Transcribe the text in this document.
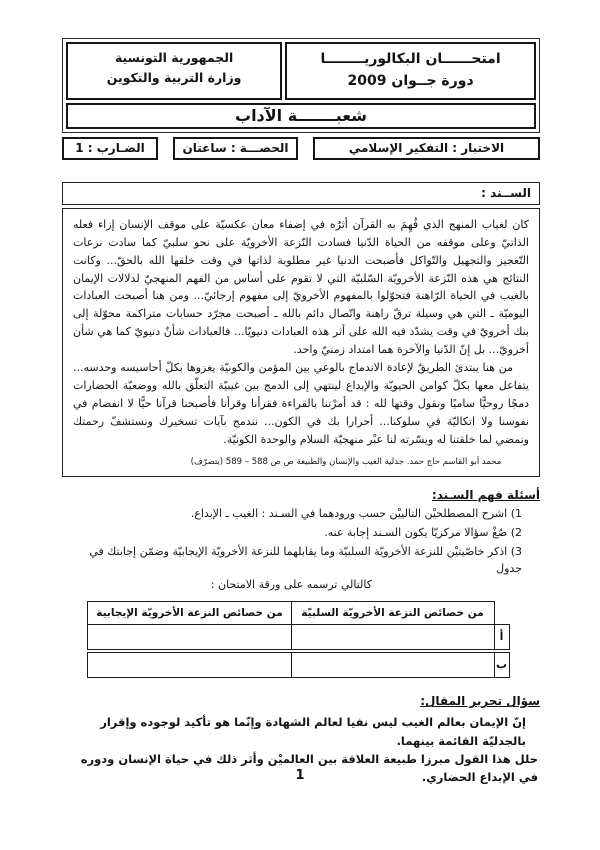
امتحــــــان البكالوريــــــــا
دورة جــوان 2009
الجمهورية التونسية
وزارة التربية والتكوين
شعبـــــــة الآداب
الاختبار : التفكير الإسلامي
الحصـــة : ساعتان
الضـارب : 1
الســند :

كان لغياب المنهج الذي فُهِمَ به القرآن أثرُه في إضفاء معان عكسيّة على موقف الإنسان إزاء فعله الذاتيّ وعلى موقفه من الحياة الدّنيا فسادت النّزعة الأخرويّة على نحو سلبيّ كما سادت نزعات التّعجيز والتجهيل والتّواكل فأصبحت الدنيا غير مطلوبة لذاتها في وقت خلقها الله بالحقّ... وكانت النتائج هي هذه النّزعة الأخرويّة السّلبيّة التي لا تقوم على أساس من الفهم المنهجيّ لدلالات الإيمان بالغيب في الحياة الرّاهنة فتحوّلوا بالمفهوم الأخرويّ إلى مفهوم إرجائيّ... ومن هنا أصبحت العبادات اليوميّة ـ التي هي وسيلة ترقّ راهنة واتّصال دائم بالله ـ أصبحت مجرّد حسابات متراكمة محوّلة إلى بنك أخرويّ في وقت يشدّد فيه الله على أثر هذه العبادات دنيويّا... فالعبادات شأنٌ دنيويّ كما هي شأن أخرويّ... بل إنّ الدّنيا والآخرة هما امتداد زمنيّ واحد.

من هنا يبتدئ الطريقُ لإعادة الاندماج بالوعي بين المؤمن والكونيّة يغزوها بكلّ أحاسيسه وحدسه... يتفاعل معها بكلّ كوامن الحيويّة والإبداع لينتهي إلى الدمج بين غيبيّة التعلّق بالله ووضعيّة الحضارات دمجًا روحيًّا ساميًا ونقول وقتها لله : قد أمرْتنا بالقراءة فقرأنا وقرأنا فأصبحنا قرآنا حيًّا لا انفصام في نفوسنا ولا اتكاليّة في سلوكنا... أحرارا بك في الكون... نندمج بآيات تسخيرك ونستشفّ رحمتك ونمضي لما خلقتنا له ويسّرته لنا عبْر منهجيّة السلام والوحدة الكونيّة.

محمد أبو القاسم حاج حمد. جدلية الغيب والإنسان والطبيعة ص ص 588 – 589 (بتصرّف)
أسئلة فهم السـند:
1) اشرح المصطلحيْن التالييْن حسب ورودهما في السـند : الغيب ـ الإبداع.
2) صُغْ سؤالا مركزيّا يكون السـند إجابة عنه.
3) اذكر خاصّيتيْن للنزعة الأخرويّة السلبيّة وما يقابلهما للنزعة الأخرويّة الإيجابيّة وضمّن إجابتك في جدول
كالتالي ترسمه على ورقة الامتحان :
من خصائص النزعة الأخرويّة السلبيّة
من خصائص النزعة الأخرويّة الإيجابية
أ
ب
سؤال تحرير المقال:
إنّ الإيمان بعالم الغيب ليس نفيا لعالم الشهادة وإنّما هو تأكيد لوجوده وإقرار بالجدليّة القائمة بينهما.
حلل هذا القول مبرزا طبيعة العلاقة بين العالميْن وأثر ذلك في حياة الإنسان ودوره في الإبداع الحضاري.
1
